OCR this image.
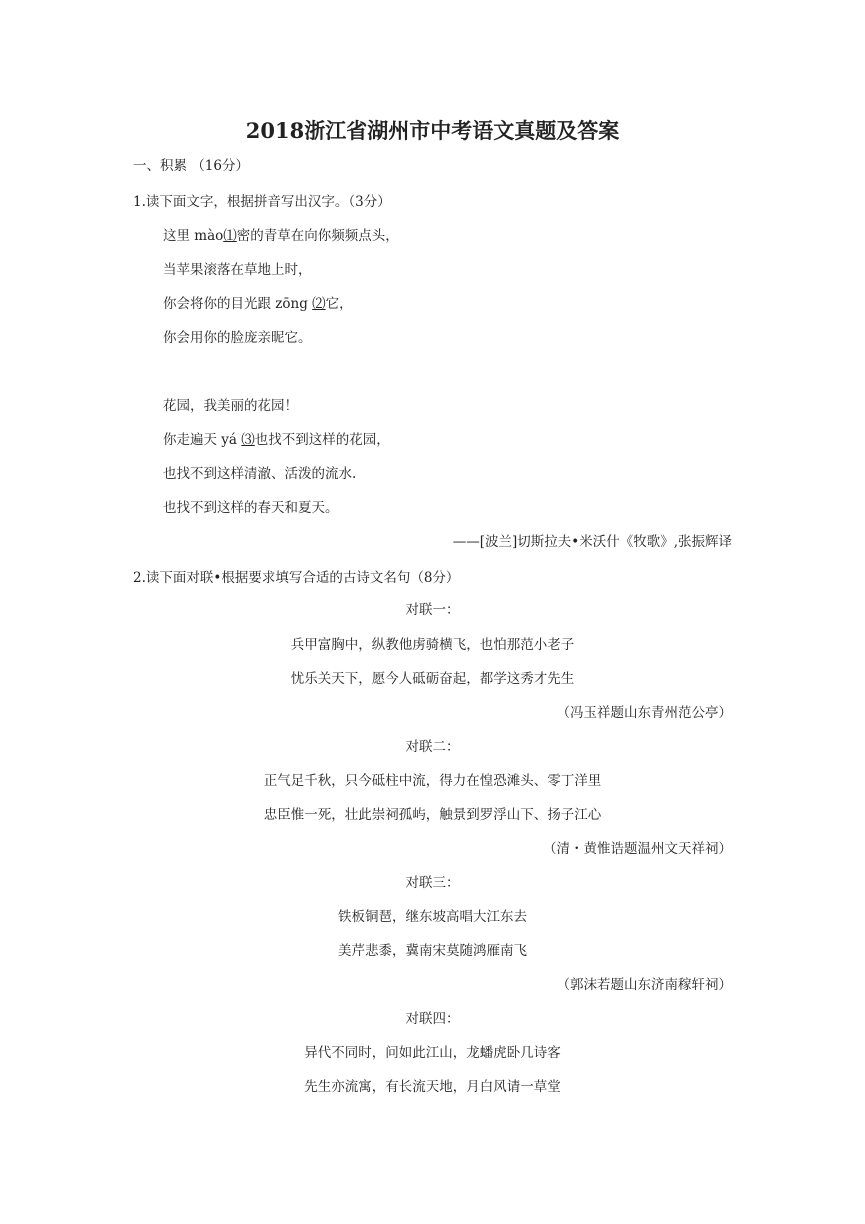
2018浙江省湖州市中考语文真题及答案
一、积累 （16分）
1.读下面文字，根据拼音写出汉字。（3分）
这里 mào⑴密的青草在向你频频点头，
当苹果滚落在草地上时，
你会将你的目光跟 zōng ⑵它，
你会用你的脸庞亲昵它。
花园，我美丽的花园！
你走遍天 yá ⑶也找不到这样的花园，
也找不到这样清澈、活泼的流水.
也找不到这样的春天和夏天。
——[波兰]切斯拉夫•米沃什《牧歌》,张振辉译
2.读下面对联•根据要求填写合适的古诗文名句（8分）
对联一：
兵甲富胸中，纵教他虏骑横飞，也怕那范小老子
忧乐关天下，愿今人砥砺奋起，都学这秀才先生
（冯玉祥题山东青州范公亭）
对联二：
正气足千秋，只今砥柱中流，得力在惶恐滩头、零丁洋里
忠臣惟一死，壮此崇祠孤屿，触景到罗浮山下、扬子江心
（清・黄惟诰题温州文天祥祠）
对联三：
铁板铜琶，继东坡高唱大江东去
美芹悲黍，冀南宋莫随鸿雁南飞
（郭沫若题山东济南稼轩祠）
对联四：
异代不同时，问如此江山，龙蟠虎卧几诗客
先生亦流寓，有长流天地，月白风请一草堂
